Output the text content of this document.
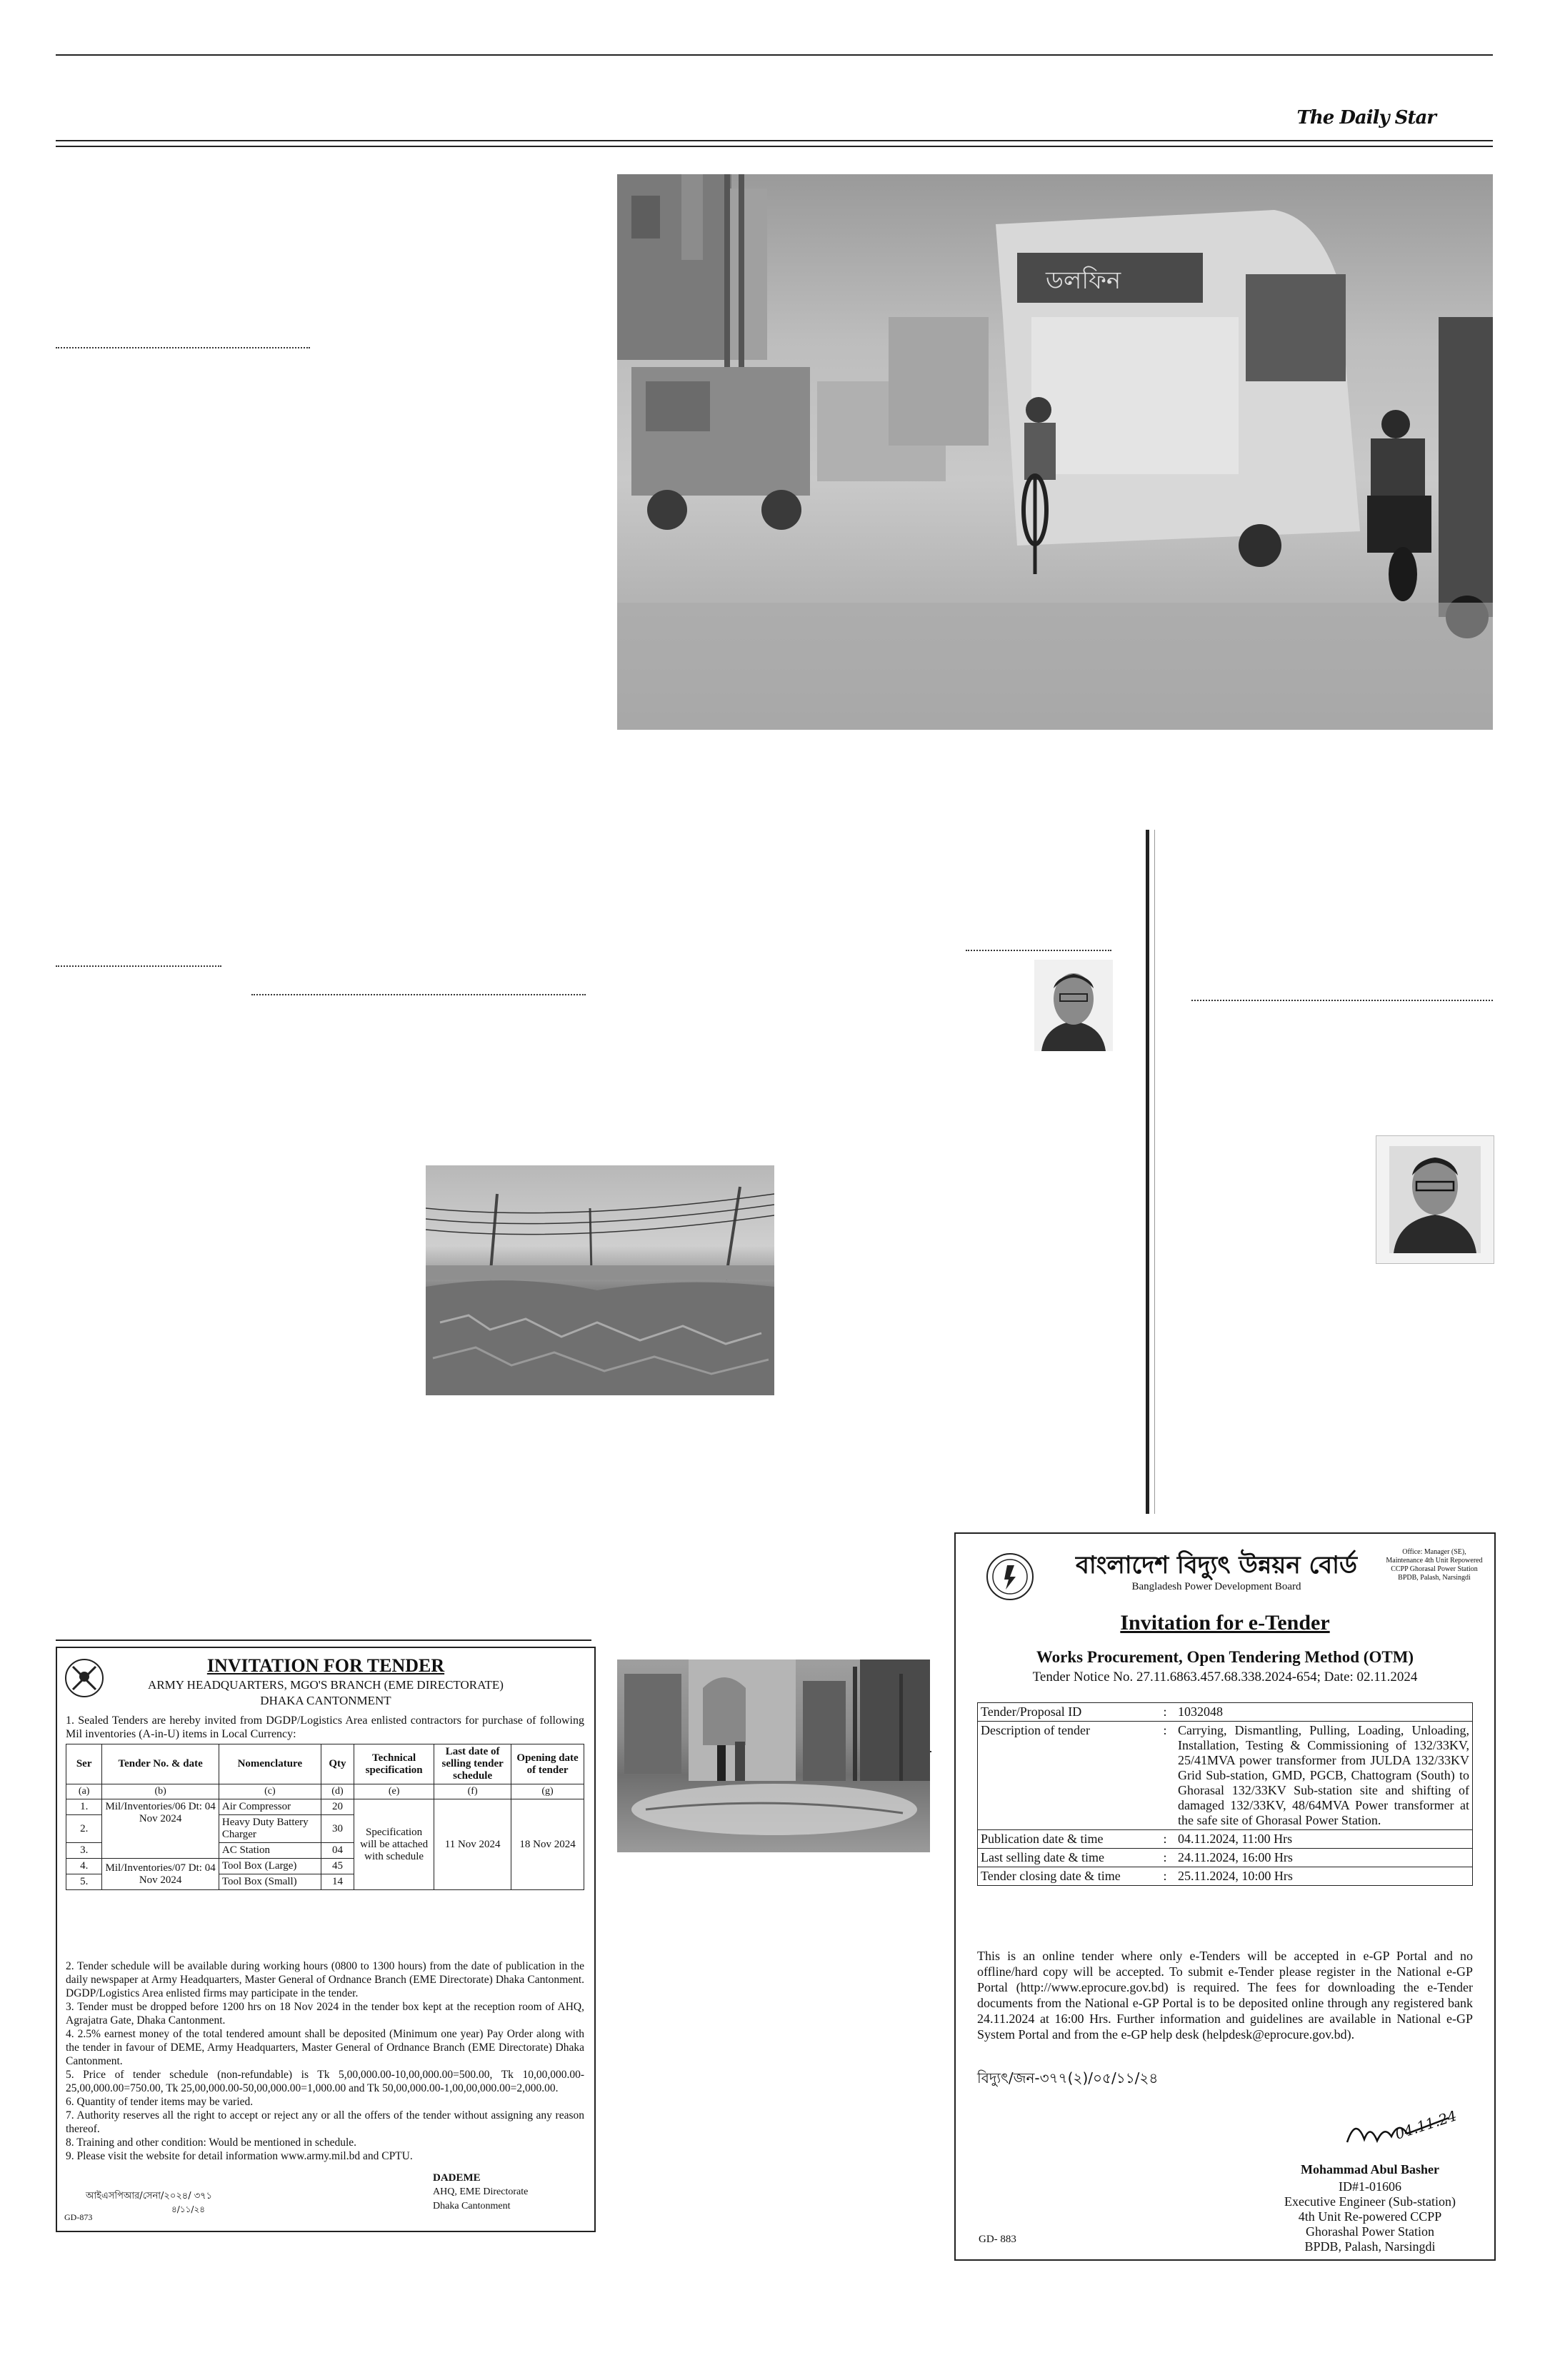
The Daily Star
ডলফিন
INVITATION FOR TENDER
ARMY HEADQUARTERS, MGO'S BRANCH (EME DIRECTORATE)
DHAKA CANTONMENT
1. Sealed Tenders are hereby invited from DGDP/Logistics Area enlisted contractors for purchase of following Mil inventories (A-in-U) items in Local Currency:
Ser	Tender No. & date	Nomenclature	Qty	Technical specification	Last date of selling tender schedule	Opening date of tender
(a)	(b)	(c)	(d)	(e)	(f)	(g)
1.	Mil/Inventories/06 Dt: 04 Nov 2024	Air Compressor	20	Specification will be attached with schedule	11 Nov 2024	18 Nov 2024
2.		Heavy Duty Battery Charger	30			
3.		AC Station	04			
4.	Mil/Inventories/07 Dt: 04 Nov 2024	Tool Box (Large)	45			
5.		Tool Box (Small)	14			
2. Tender schedule will be available during working hours (0800 to 1300 hours) from the date of publication in the daily newspaper at Army Headquarters, Master General of Ordnance Branch (EME Directorate) Dhaka Cantonment. DGDP/Logistics Area enlisted firms may participate in the tender.
3. Tender must be dropped before 1200 hrs on 18 Nov 2024 in the tender box kept at the reception room of AHQ, Agrajatra Gate, Dhaka Cantonment.
4. 2.5% earnest money of the total tendered amount shall be deposited (Minimum one year) Pay Order along with the tender in favour of DEME, Army Headquarters, Master General of Ordnance Branch (EME Directorate) Dhaka Cantonment.
5. Price of tender schedule (non-refundable) is Tk 5,00,000.00-10,00,000.00=500.00, Tk 10,00,000.00- 25,00,000.00=750.00, Tk 25,00,000.00-50,00,000.00=1,000.00 and Tk 50,00,000.00-1,00,00,000.00=2,000.00.
6. Quantity of tender items may be varied.
7. Authority reserves all the right to accept or reject any or all the offers of the tender without assigning any reason thereof.
8. Training and other condition: Would be mentioned in schedule.
9. Please visit the website for detail information www.army.mil.bd and CPTU.
আইএসপিআর/সেনা/২০২৪/ ৩৭১
৪/১১/২৪
GD-873
DADEME
AHQ, EME Directorate
Dhaka Cantonment
বাংলাদেশ বিদ্যুৎ উন্নয়ন বোর্ড
Bangladesh Power Development Board
Office: Manager (SE), Maintenance 4th Unit Repowered CCPP Ghorasal Power Station BPDB, Palash, Narsingdi
Invitation for e-Tender
Works Procurement, Open Tendering Method (OTM)
Tender Notice No. 27.11.6863.457.68.338.2024-654; Date: 02.11.2024
Tender/Proposal ID	:	1032048
Description of tender	:	Carrying, Dismantling, Pulling, Loading, Unloading, Installation, Testing & Commissioning of 132/33KV, 25/41MVA power transformer from JULDA 132/33KV Grid Sub-station, GMD, PGCB, Chattogram (South) to Ghorasal 132/33KV Sub-station site and shifting of damaged 132/33KV, 48/64MVA Power transformer at the safe site of Ghorasal Power Station.
Publication date & time	:	04.11.2024, 11:00 Hrs
Last selling date & time	:	24.11.2024, 16:00 Hrs
Tender closing date & time	:	25.11.2024, 10:00 Hrs
This is an online tender where only e-Tenders will be accepted in e-GP Portal and no offline/hard copy will be accepted. To submit e-Tender please register in the National e-GP Portal (http://www.eprocure.gov.bd) is required. The fees for downloading the e-Tender documents from the National e-GP Portal is to be deposited online through any registered bank 24.11.2024 at 16:00 Hrs. Further information and guidelines are available in National e-GP System Portal and from the e-GP help desk (helpdesk@eprocure.gov.bd).
বিদ্যুৎ/জন-৩৭৭(২)/০৫/১১/২৪
04.11.24
Mohammad Abul Basher
ID#1-01606
Executive Engineer (Sub-station)
4th Unit Re-powered CCPP
Ghorashal Power Station
BPDB, Palash, Narsingdi
GD- 883
